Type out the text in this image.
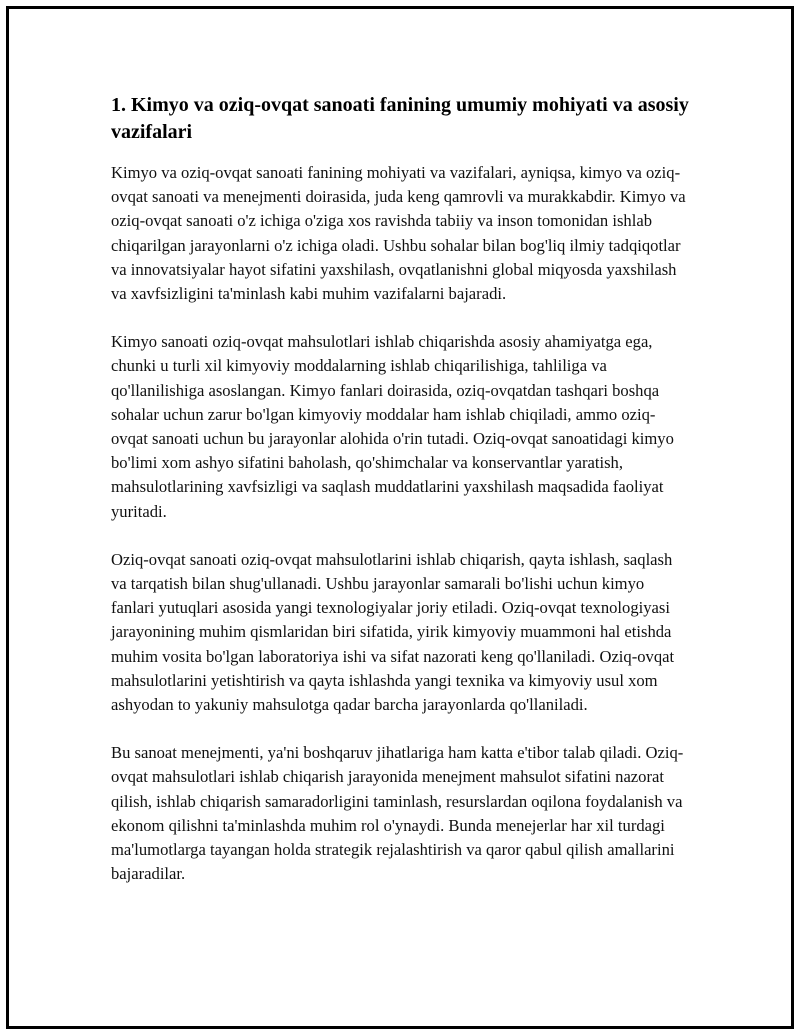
1. Kimyo va oziq-ovqat sanoati fanining umumiy mohiyati va asosiy vazifalari

Kimyo va oziq-ovqat sanoati fanining mohiyati va vazifalari, ayniqsa, kimyo va oziq-ovqat sanoati va menejmenti doirasida, juda keng qamrovli va murakkabdir. Kimyo va oziq-ovqat sanoati o'z ichiga o'ziga xos ravishda tabiiy va inson tomonidan ishlab chiqarilgan jarayonlarni o'z ichiga oladi. Ushbu sohalar bilan bog'liq ilmiy tadqiqotlar va innovatsiyalar hayot sifatini yaxshilash, ovqatlanishni global miqyosda yaxshilash va xavfsizligini ta'minlash kabi muhim vazifalarni bajaradi.

Kimyo sanoati oziq-ovqat mahsulotlari ishlab chiqarishda asosiy ahamiyatga ega, chunki u turli xil kimyoviy moddalarning ishlab chiqarilishiga, tahliliga va qo'llanilishiga asoslangan. Kimyo fanlari doirasida, oziq-ovqatdan tashqari boshqa sohalar uchun zarur bo'lgan kimyoviy moddalar ham ishlab chiqiladi, ammo oziq-ovqat sanoati uchun bu jarayonlar alohida o'rin tutadi. Oziq-ovqat sanoatidagi kimyo bo'limi xom ashyo sifatini baholash, qo'shimchalar va konservantlar yaratish, mahsulotlarining xavfsizligi va saqlash muddatlarini yaxshilash maqsadida faoliyat yuritadi.

Oziq-ovqat sanoati oziq-ovqat mahsulotlarini ishlab chiqarish, qayta ishlash, saqlash va tarqatish bilan shug'ullanadi. Ushbu jarayonlar samarali bo'lishi uchun kimyo fanlari yutuqlari asosida yangi texnologiyalar joriy etiladi. Oziq-ovqat texnologiyasi jarayonining muhim qismlaridan biri sifatida, yirik kimyoviy muammoni hal etishda muhim vosita bo'lgan laboratoriya ishi va sifat nazorati keng qo'llaniladi. Oziq-ovqat mahsulotlarini yetishtirish va qayta ishlashda yangi texnika va kimyoviy usul xom ashyodan to yakuniy mahsulotga qadar barcha jarayonlarda qo'llaniladi.

Bu sanoat menejmenti, ya'ni boshqaruv jihatlariga ham katta e'tibor talab qiladi. Oziq-ovqat mahsulotlari ishlab chiqarish jarayonida menejment mahsulot sifatini nazorat qilish, ishlab chiqarish samaradorligini taminlash, resurslardan oqilona foydalanish va ekonom qilishni ta'minlashda muhim rol o'ynaydi. Bunda menejerlar har xil turdagi ma'lumotlarga tayangan holda strategik rejalashtirish va qaror qabul qilish amallarini bajaradilar.
